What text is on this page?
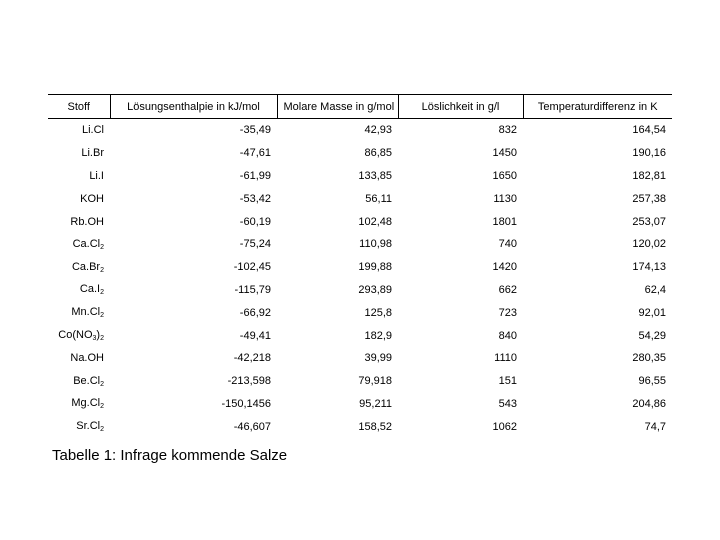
Stoff	Lösungsenthalpie in kJ/mol	Molare Masse in g/mol	Löslichkeit in g/l	Temperaturdifferenz in K
Li.Cl	-35,49	42,93	832	164,54
Li.Br	-47,61	86,85	1450	190,16
Li.I	-61,99	133,85	1650	182,81
KOH	-53,42	56,11	1130	257,38
Rb.OH	-60,19	102,48	1801	253,07
$Ca.Cl_2$	-75,24	110,98	740	120,02
$Ca.Br_2$	-102,45	199,88	1420	174,13
$Ca.I_2$	-115,79	293,89	662	62,4
$Mn.Cl_2$	-66,92	125,8	723	92,01
$Co(NO_3)_2$	-49,41	182,9	840	54,29
Na.OH	-42,218	39,99	1110	280,35
$Be.Cl_2$	-213,598	79,918	151	96,55
$Mg.Cl_2$	-150,1456	95,211	543	204,86
$Sr.Cl_2$	-46,607	158,52	1062	74,7
Tabelle 1: Infrage kommende Salze
